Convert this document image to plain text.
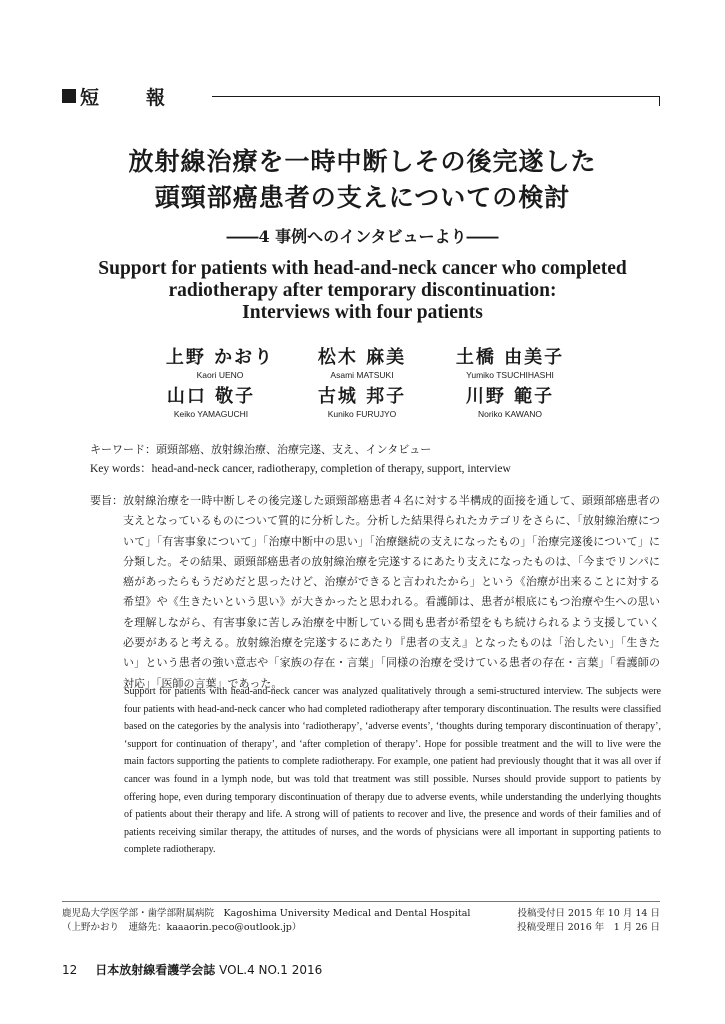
短　報
放射線治療を一時中断しその後完遂した
頭頸部癌患者の支えについての検討
――4 事例へのインタビューより――
Support for patients with head-and-neck cancer who completed
radiotherapy after temporary discontinuation:
Interviews with four patients
上野 かおり
Kaori UENO
松木 麻美
Asami MATSUKI
土橋 由美子
Yumiko TSUCHIHASHI
山口 敬子
Keiko YAMAGUCHI
古城 邦子
Kuniko FURUJYO
川野 範子
Noriko KAWANO
キーワード：頭頸部癌、放射線治療、治療完遂、支え、インタビュー
Key words：head-and-neck cancer, radiotherapy, completion of therapy, support, interview
要旨： 放射線治療を一時中断しその後完遂した頭頸部癌患者４名に対する半構成的面接を通して、頭頸部癌患者の支えとなっているものについて質的に分析した。分析した結果得られたカテゴリをさらに、「放射線治療について」「有害事象について」「治療中断中の思い」「治療継続の支えになったもの」「治療完遂後について」に分類した。その結果、頭頸部癌患者の放射線治療を完遂するにあたり支えになったものは、「今までリンパに癌があったらもうだめだと思ったけど、治療ができると言われたから」という《治療が出来ることに対する希望》や《生きたいという思い》が大きかったと思われる。看護師は、患者が根底にもつ治療や生への思いを理解しながら、有害事象に苦しみ治療を中断している間も患者が希望をもち続けられるよう支援していく必要があると考える。放射線治療を完遂するにあたり『患者の支え』となったものは「治したい」「生きたい」という患者の強い意志や「家族の存在・言葉」「同様の治療を受けている患者の存在・言葉」「看護師の対応」「医師の言葉」であった。
Support for patients with head-and-neck cancer was analyzed qualitatively through a semi-structured interview. The subjects were four patients with head-and-neck cancer who had completed radiotherapy after temporary discontinuation. The results were classified based on the categories by the analysis into ʻradiotherapyʼ, ʻadverse eventsʼ, ʻthoughts during temporary discontinuation of therapyʼ, ʻsupport for continuation of therapyʼ, and ʻafter completion of therapyʼ. Hope for possible treatment and the will to live were the main factors supporting the patients to complete radiotherapy. For example, one patient had previously thought that it was all over if cancer was found in a lymph node, but was told that treatment was still possible. Nurses should provide support to patients by offering hope, even during temporary discontinuation of therapy due to adverse events, while understanding the underlying thoughts of patients about their therapy and life. A strong will of patients to recover and live, the presence and words of their families and of patients receiving similar therapy, the attitudes of nurses, and the words of physicians were all important in supporting patients to complete radiotherapy.
鹿児島大学医学部・歯学部附属病院　Kagoshima University Medical and Dental Hospital
（上野かおり　連絡先：kaaaorin.peco@outlook.jp）
投稿受付日 2015 年 10 月 14 日
投稿受理日 2016 年　1 月 26 日
12 日本放射線看護学会誌 VOL.4 NO.1 2016
